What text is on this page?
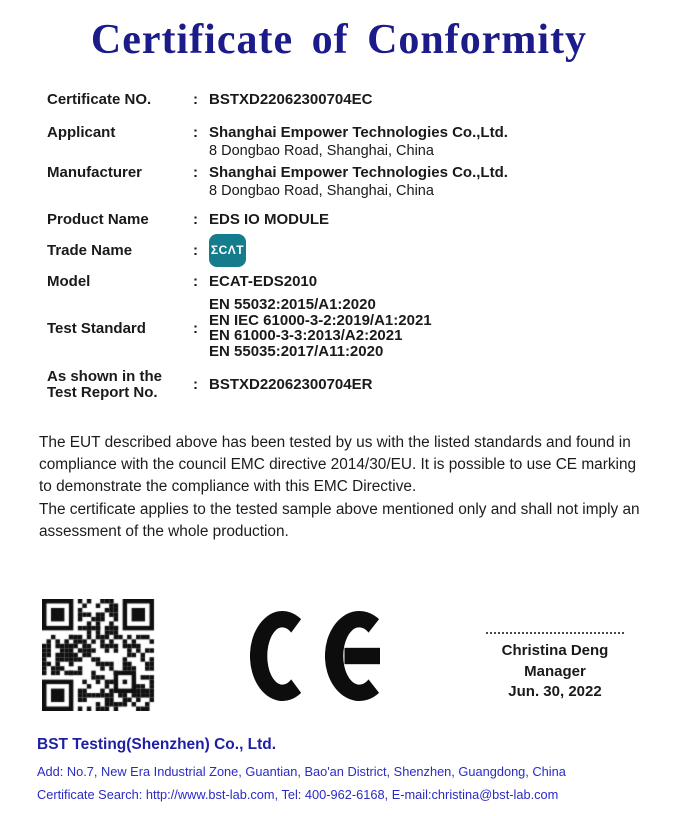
Certificate of Conformity
Certificate NO.	: BSTXD22062300704EC
Applicant	: Shanghai Empower Technologies Co.,Ltd.
8 Dongbao Road, Shanghai, China
Manufacturer	: Shanghai Empower Technologies Co.,Ltd.
8 Dongbao Road, Shanghai, China
Product Name	: EDS IO MODULE
Trade Name	:	ΣCΛT
Model	: ECAT-EDS2010
Test Standard	:
EN 55032:2015/A1:2020
EN IEC 61000-3-2:2019/A1:2021
EN 61000-3-3:2013/A2:2021
EN 55035:2017/A11:2020
As shown in the
Test Report No.	: BSTXD22062300704ER

The EUT described above has been tested by us with the listed standards and found in compliance with the council EMC directive 2014/30/EU. It is possible to use CE marking to demonstrate the compliance with this EMC Directive.

The certificate applies to the tested sample above mentioned only and shall not imply an assessment of the whole production.

Christina Deng
Manager
Jun. 30, 2022
BST Testing(Shenzhen) Co., Ltd.
Add: No.7, New Era Industrial Zone, Guantian, Bao'an District, Shenzhen, Guangdong, China
Certificate Search: http://www.bst-lab.com, Tel: 400-962-6168, E-mail:christina@bst-lab.com
